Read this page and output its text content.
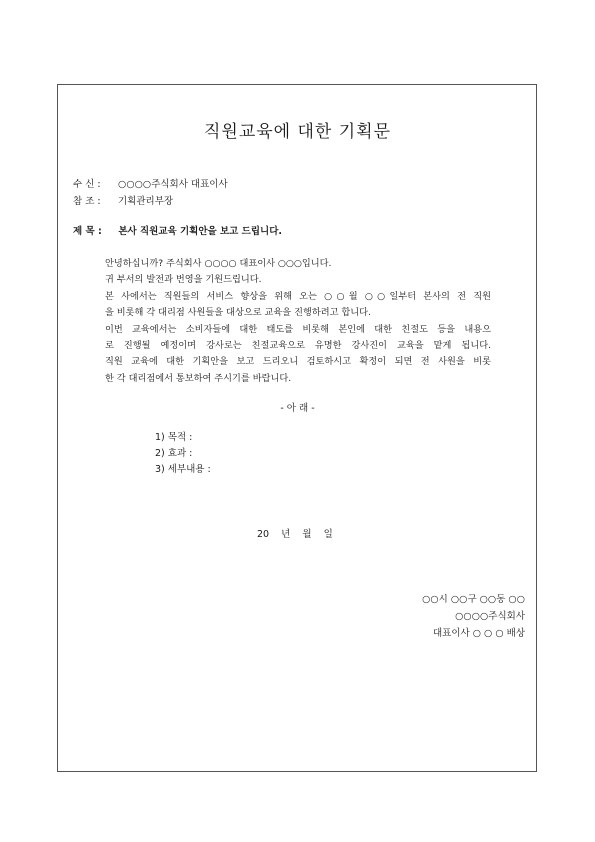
직원교육에 대한 기획문
수 신 : ○○○○주식회사 대표이사
참 조 : 기획관리부장
제 목 : 본사 직원교육 기획안을 보고 드립니다.
안녕하십니까? 주식회사 ○○○○ 대표이사 ○○○입니다.
귀 부서의 발전과 번영을 기원드립니다.
본 사에서는 직원들의 서비스 향상을 위해 오는 ○○월 ○○일부터 본사의 전 직원
을 비롯해 각 대리점 사원들을 대상으로 교육을 진행하려고 합니다.
이번 교육에서는 소비자들에 대한 태도를 비롯해 본인에 대한 친절도 등을 내용으
로 진행될 예정이며 강사로는 친절교육으로 유명한 강사진이 교육을 맡게 됩니다.
직원 교육에 대한 기획안을 보고 드리오니 검토하시고 확정이 되면 전 사원을 비롯
한 각 대리점에서 통보하여 주시기를 바랍니다.
- 아 래 -
1) 목적 :
2) 효과 :
3) 세부내용 :
20    년    월    일
○○시 ○○구 ○○동 ○○
○○○○주식회사
대표이사 ○ ○ ○ 배상
